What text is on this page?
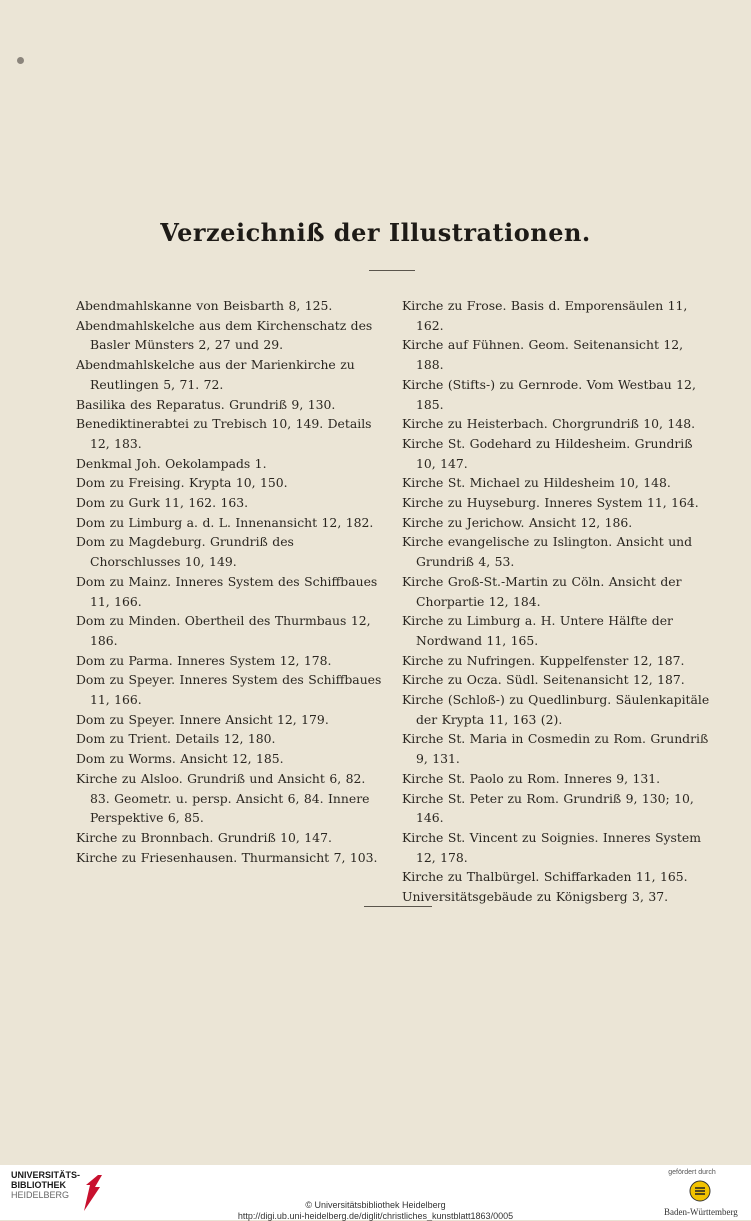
Verzeichniß der Illustrationen.
Abendmahlskanne von Beisbarth 8, 125.
Abendmahlskelche aus dem Kirchenschatz des Basler Münsters 2, 27 und 29.
Abendmahlskelche aus der Marienkirche zu Reutlingen 5, 71. 72.
Basilika des Reparatus. Grundriß 9, 130.
Benediktinerabtei zu Trebisch 10, 149. Details 12, 183.
Denkmal Joh. Oekolampads 1.
Dom zu Freising. Krypta 10, 150.
Dom zu Gurk 11, 162. 163.
Dom zu Limburg a. d. L. Innenansicht 12, 182.
Dom zu Magdeburg. Grundriß des Chorschlusses 10, 149.
Dom zu Mainz. Inneres System des Schiffbaues 11, 166.
Dom zu Minden. Obertheil des Thurmbaus 12, 186.
Dom zu Parma. Inneres System 12, 178.
Dom zu Speyer. Inneres System des Schiffbaues 11, 166.
Dom zu Speyer. Innere Ansicht 12, 179.
Dom zu Trient. Details 12, 180.
Dom zu Worms. Ansicht 12, 185.
Kirche zu Alsloo. Grundriß und Ansicht 6, 82. 83. Geometr. u. persp. Ansicht 6, 84. Innere Perspektive 6, 85.
Kirche zu Bronnbach. Grundriß 10, 147.
Kirche zu Friesenhausen. Thurmansicht 7, 103.
Kirche zu Frose. Basis d. Emporensäulen 11, 162.
Kirche auf Fühnen. Geom. Seitenansicht 12, 188.
Kirche (Stifts-) zu Gernrode. Vom Westbau 12, 185.
Kirche zu Heisterbach. Chorgrundriß 10, 148.
Kirche St. Godehard zu Hildesheim. Grundriß 10, 147.
Kirche St. Michael zu Hildesheim 10, 148.
Kirche zu Huyseburg. Inneres System 11, 164.
Kirche zu Jerichow. Ansicht 12, 186.
Kirche evangelische zu Islington. Ansicht und Grundriß 4, 53.
Kirche Groß-St.-Martin zu Cöln. Ansicht der Chorpartie 12, 184.
Kirche zu Limburg a. H. Untere Hälfte der Nordwand 11, 165.
Kirche zu Nufringen. Kuppelfenster 12, 187.
Kirche zu Ocza. Südl. Seitenansicht 12, 187.
Kirche (Schloß-) zu Quedlinburg. Säulenkapitäle der Krypta 11, 163 (2).
Kirche St. Maria in Cosmedin zu Rom. Grundriß 9, 131.
Kirche St. Paolo zu Rom. Inneres 9, 131.
Kirche St. Peter zu Rom. Grundriß 9, 130; 10, 146.
Kirche St. Vincent zu Soignies. Inneres System 12, 178.
Kirche zu Thalbürgel. Schiffarkaden 11, 165.
Universitätsgebäude zu Königsberg 3, 37.
UNIVERSITÄTS-
BIBLIOTHEK
HEIDELBERG
© Universitätsbibliothek Heidelberg
http://digi.ub.uni-heidelberg.de/diglit/christliches_kunstblatt1863/0005
gefördert durch
Baden-Württemberg
